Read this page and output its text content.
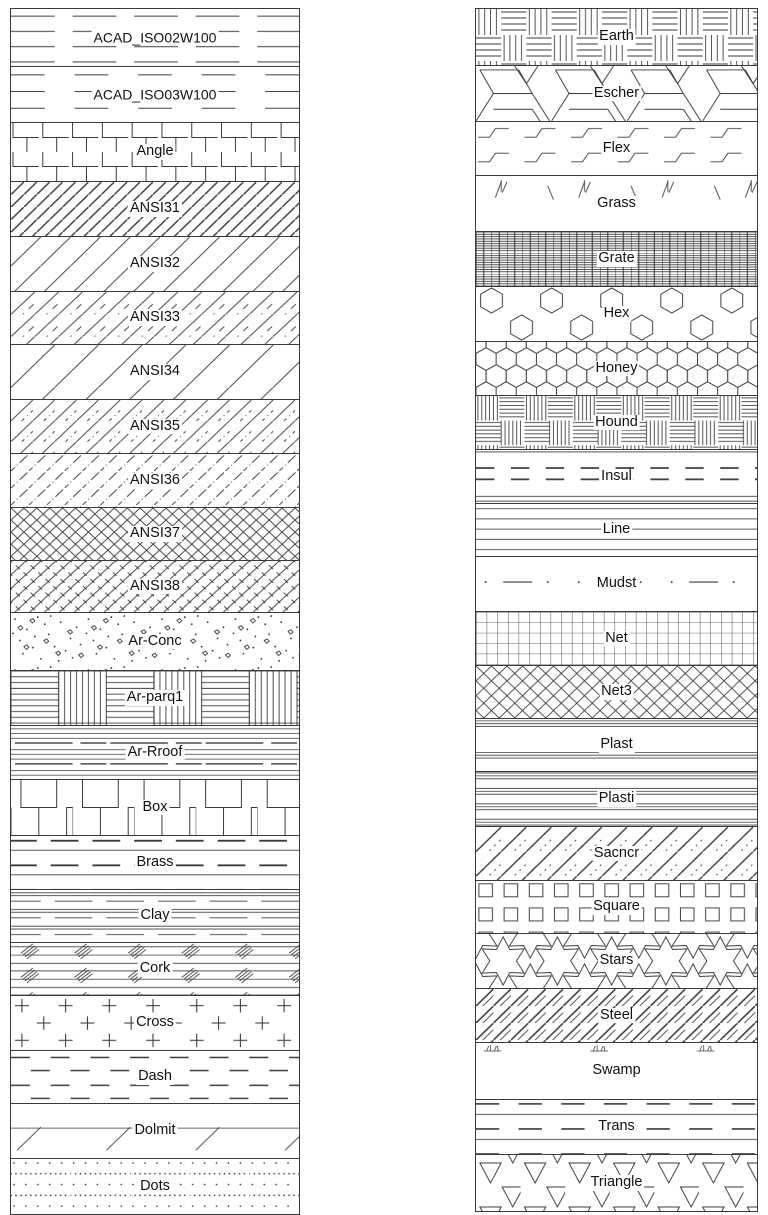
ACAD_ISO02W100
ACAD_ISO03W100
Angle
ANSI31
ANSI32
ANSI33
ANSI34
ANSI35
ANSI36
ANSI37
ANSI38
Ar-Conc
Ar-parq1
Ar-Rroof
Box
Brass
Clay
Cork
Cross
Dash
Dolmit
Dots
Earth
Escher
Flex
Grass
Grate
Hex
Honey
Hound
Insul
Line
Mudst
Net
Net3
Plast
Plasti
Sacncr
Square
Stars
Steel
Swamp
Trans
Triangle
